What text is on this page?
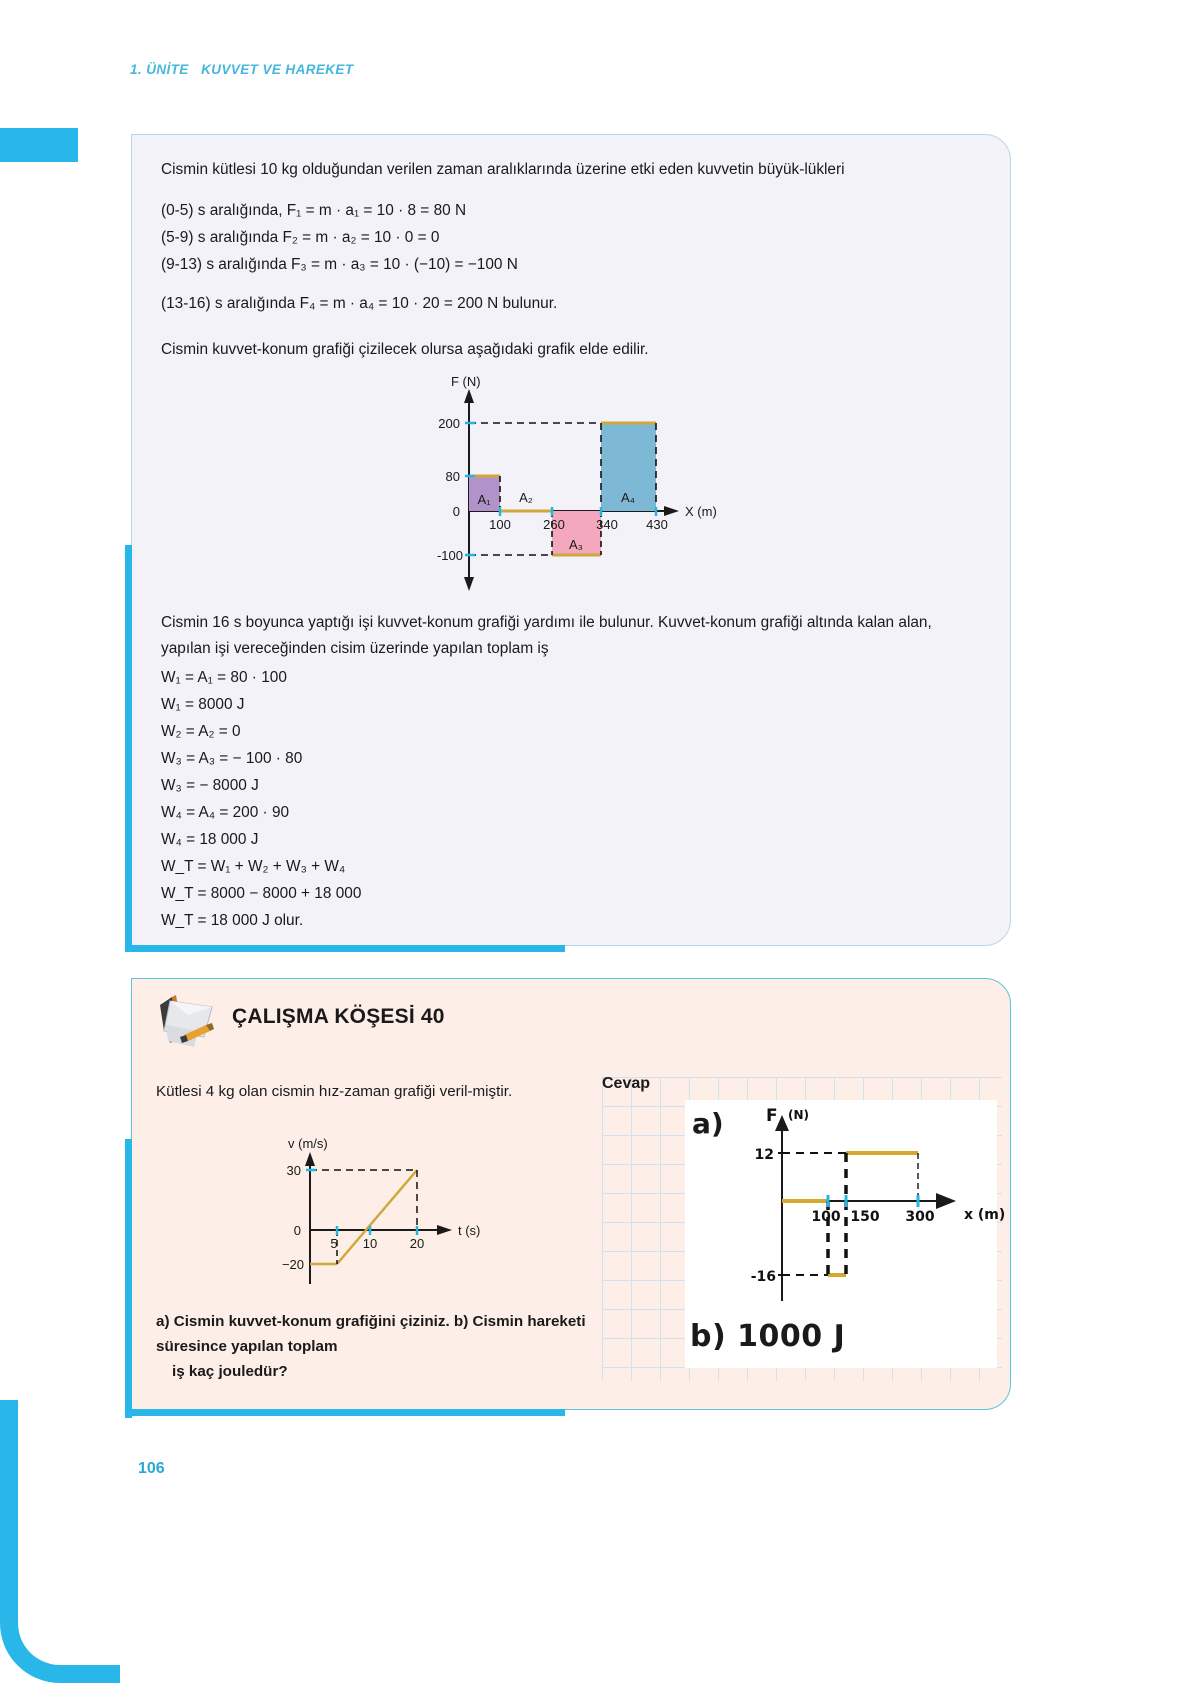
1. ÜNİTE   KUVVET VE HAREKET

Cismin kütlesi 10 kg olduğundan verilen zaman aralıklarında üzerine etki eden kuvvetin büyük-lükleri

(0-5) s aralığında, F₁ = m · a₁ = 10 · 8 = 80 N
(5-9) s aralığında F₂ = m · a₂ = 10 · 0 = 0
(9-13) s aralığında F₃ = m · a₃ = 10 · (−10) = −100 N
(13-16) s aralığında F₄ = m · a₄ = 10 · 20 = 200 N bulunur.

Cismin kuvvet-konum grafiği çizilecek olursa aşağıdaki grafik elde edilir.

F (N)
X (m)
200
80
0
-100
100 260 340 430
A₁ A₂
A₃
A₄

Cismin 16 s boyunca yaptığı işi kuvvet-konum grafiği yardımı ile bulunur. Kuvvet-konum grafiği altında kalan alan, yapılan işi vereceğinden cisim üzerinde yapılan toplam iş

W₁ = A₁ = 80 · 100
W₁ = 8000 J
W₂ = A₂ = 0
W₃ = A₃ = − 100 · 80
W₃ = − 8000 J
W₄ = A₄ = 200 · 90
W₄ = 18 000 J
W_T = W₁ + W₂ + W₃ + W₄
W_T = 8000 − 8000 + 18 000
W_T = 18 000 J olur.
ÇALIŞMA KÖŞESİ 40
Kütlesi 4 kg olan cismin hız-zaman grafiği veril-miştir.
v (m/s)
t (s)
30
0
−20
5 10	20
a) Cismin kuvvet-konum grafiğini çiziniz. b) Cismin hareketi süresince yapılan toplam
iş kaç jouledür?
Cevap
a) F (N)
x (m)
12
-16
100 150 300
b) 1000 J
106
